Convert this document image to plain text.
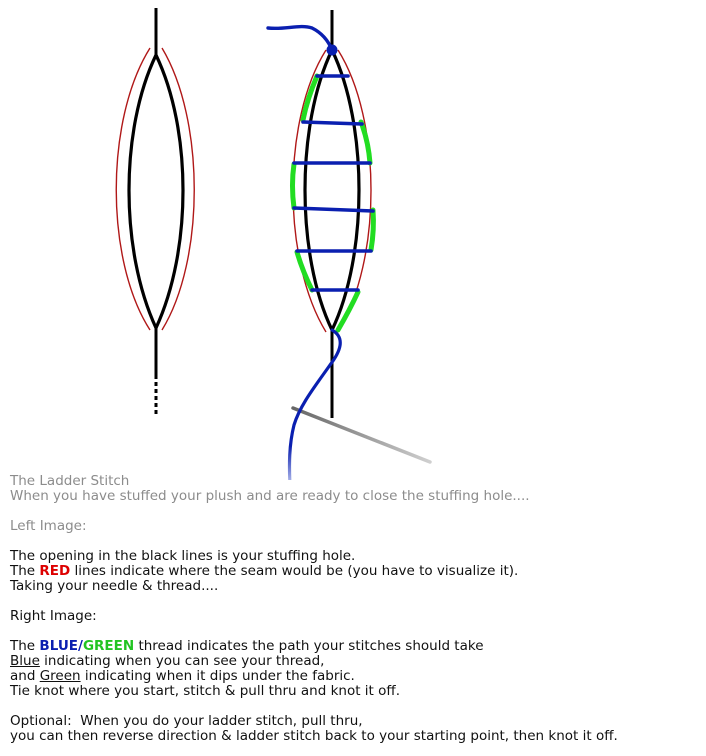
The Ladder Stitch
When you have stuffed your plush and are ready to close the stuffing hole....
Left Image:
The opening in the black lines is your stuffing hole.
The RED lines indicate where the seam would be (you have to visualize it).
Taking your needle & thread....
Right Image:
The BLUE/GREEN thread indicates the path your stitches should take
Blue indicating when you can see your thread,
and Green indicating when it dips under the fabric.
Tie knot where you start, stitch & pull thru and knot it off.
Optional:  When you do your ladder stitch, pull thru,
you can then reverse direction & ladder stitch back to your starting point, then knot it off.
